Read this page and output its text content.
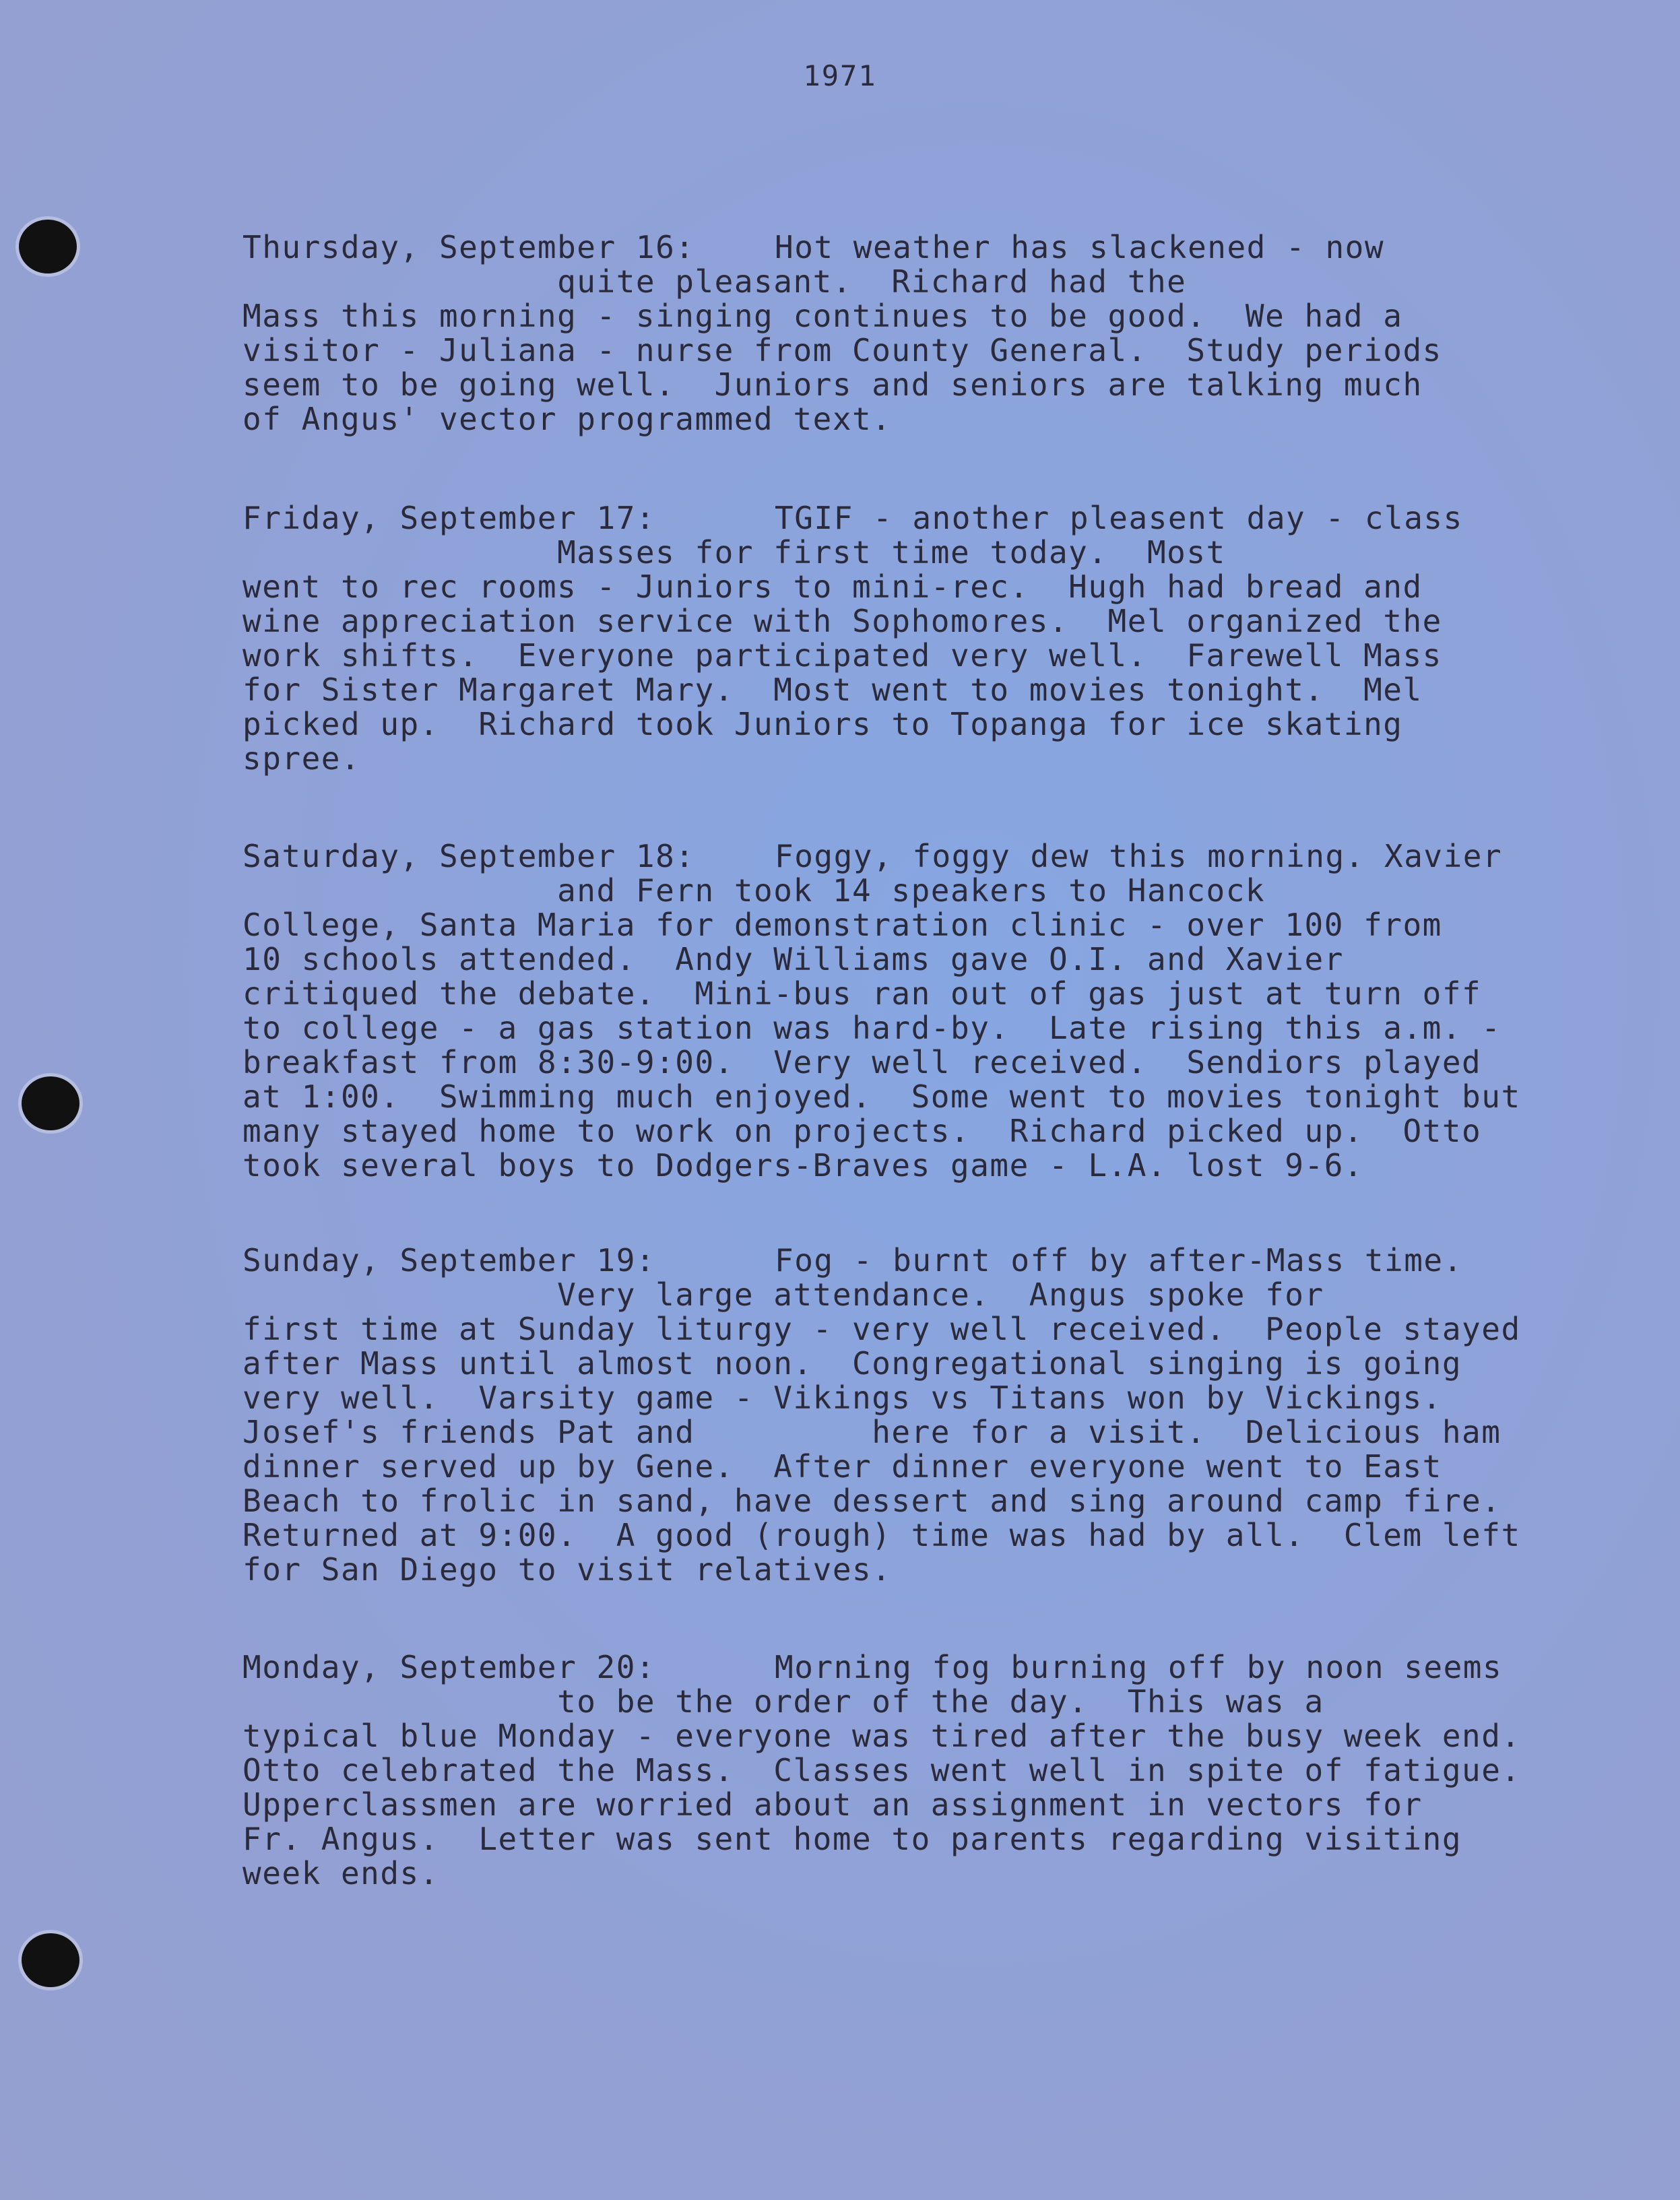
1971
Thursday, September 16:	Hot weather has slackened - now
quite pleasant.  Richard had the
Mass this morning - singing continues to be good.  We had a
visitor - Juliana - nurse from County General.  Study periods
seem to be going well.  Juniors and seniors are talking much
of Angus' vector programmed text.
Friday, September 17:	TGIF - another pleasent day - class
Masses for first time today.  Most
went to rec rooms - Juniors to mini-rec.  Hugh had bread and
wine appreciation service with Sophomores.  Mel organized the
work shifts.  Everyone participated very well.  Farewell Mass
for Sister Margaret Mary.  Most went to movies tonight.  Mel
picked up.  Richard took Juniors to Topanga for ice skating
spree.
Saturday, September 18:	Foggy, foggy dew this morning. Xavier
and Fern took 14 speakers to Hancock
College, Santa Maria for demonstration clinic - over 100 from
10 schools attended.  Andy Williams gave O.I. and Xavier
critiqued the debate.  Mini-bus ran out of gas just at turn off
to college - a gas station was hard-by.  Late rising this a.m. -
breakfast from 8:30-9:00.  Very well received.  Sendiors played
at 1:00.  Swimming much enjoyed.  Some went to movies tonight but
many stayed home to work on projects.  Richard picked up.  Otto
took several boys to Dodgers-Braves game - L.A. lost 9-6.
Sunday, September 19:	Fog - burnt off by after-Mass time.
Very large attendance.  Angus spoke for
first time at Sunday liturgy - very well received.  People stayed
after Mass until almost noon.  Congregational singing is going
very well.  Varsity game - Vikings vs Titans won by Vickings.
Josef's friends Pat and         here for a visit.  Delicious ham
dinner served up by Gene.  After dinner everyone went to East
Beach to frolic in sand, have dessert and sing around camp fire.
Returned at 9:00.  A good (rough) time was had by all.  Clem left
for San Diego to visit relatives.
Monday, September 20:	Morning fog burning off by noon seems
to be the order of the day.  This was a
typical blue Monday - everyone was tired after the busy week end.
Otto celebrated the Mass.  Classes went well in spite of fatigue.
Upperclassmen are worried about an assignment in vectors for
Fr. Angus.  Letter was sent home to parents regarding visiting
week ends.
